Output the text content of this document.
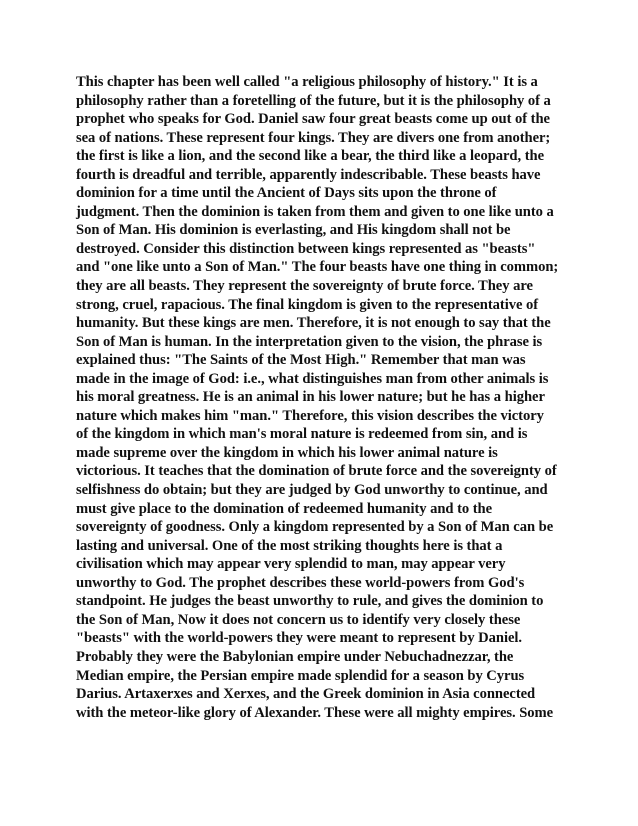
This chapter has been well called "a religious philosophy of history." It is a
philosophy rather than a foretelling of the future, but it is the philosophy of a
prophet who speaks for God. Daniel saw four great beasts come up out of the
sea of nations. These represent four kings. They are divers one from another;
the first is like a lion, and the second like a bear, the third like a leopard, the
fourth is dreadful and terrible, apparently indescribable. These beasts have
dominion for a time until the Ancient of Days sits upon the throne of
judgment. Then the dominion is taken from them and given to one like unto a
Son of Man. His dominion is everlasting, and His kingdom shall not be
destroyed. Consider this distinction between kings represented as "beasts"
and "one like unto a Son of Man." The four beasts have one thing in common;
they are all beasts. They represent the sovereignty of brute force. They are
strong, cruel, rapacious. The final kingdom is given to the representative of
humanity. But these kings are men. Therefore, it is not enough to say that the
Son of Man is human. In the interpretation given to the vision, the phrase is
explained thus: "The Saints of the Most High." Remember that man was
made in the image of God: i.e., what distinguishes man from other animals is
his moral greatness. He is an animal in his lower nature; but he has a higher
nature which makes him "man." Therefore, this vision describes the victory
of the kingdom in which man's moral nature is redeemed from sin, and is
made supreme over the kingdom in which his lower animal nature is
victorious. It teaches that the domination of brute force and the sovereignty of
selfishness do obtain; but they are judged by God unworthy to continue, and
must give place to the domination of redeemed humanity and to the
sovereignty of goodness. Only a kingdom represented by a Son of Man can be
lasting and universal. One of the most striking thoughts here is that a
civilisation which may appear very splendid to man, may appear very
unworthy to God. The prophet describes these world-powers from God's
standpoint. He judges the beast unworthy to rule, and gives the dominion to
the Son of Man, Now it does not concern us to identify very closely these
"beasts" with the world-powers they were meant to represent by Daniel.
Probably they were the Babylonian empire under Nebuchadnezzar, the
Median empire, the Persian empire made splendid for a season by Cyrus
Darius. Artaxerxes and Xerxes, and the Greek dominion in Asia connected
with the meteor-like glory of Alexander. These were all mighty empires. Some
